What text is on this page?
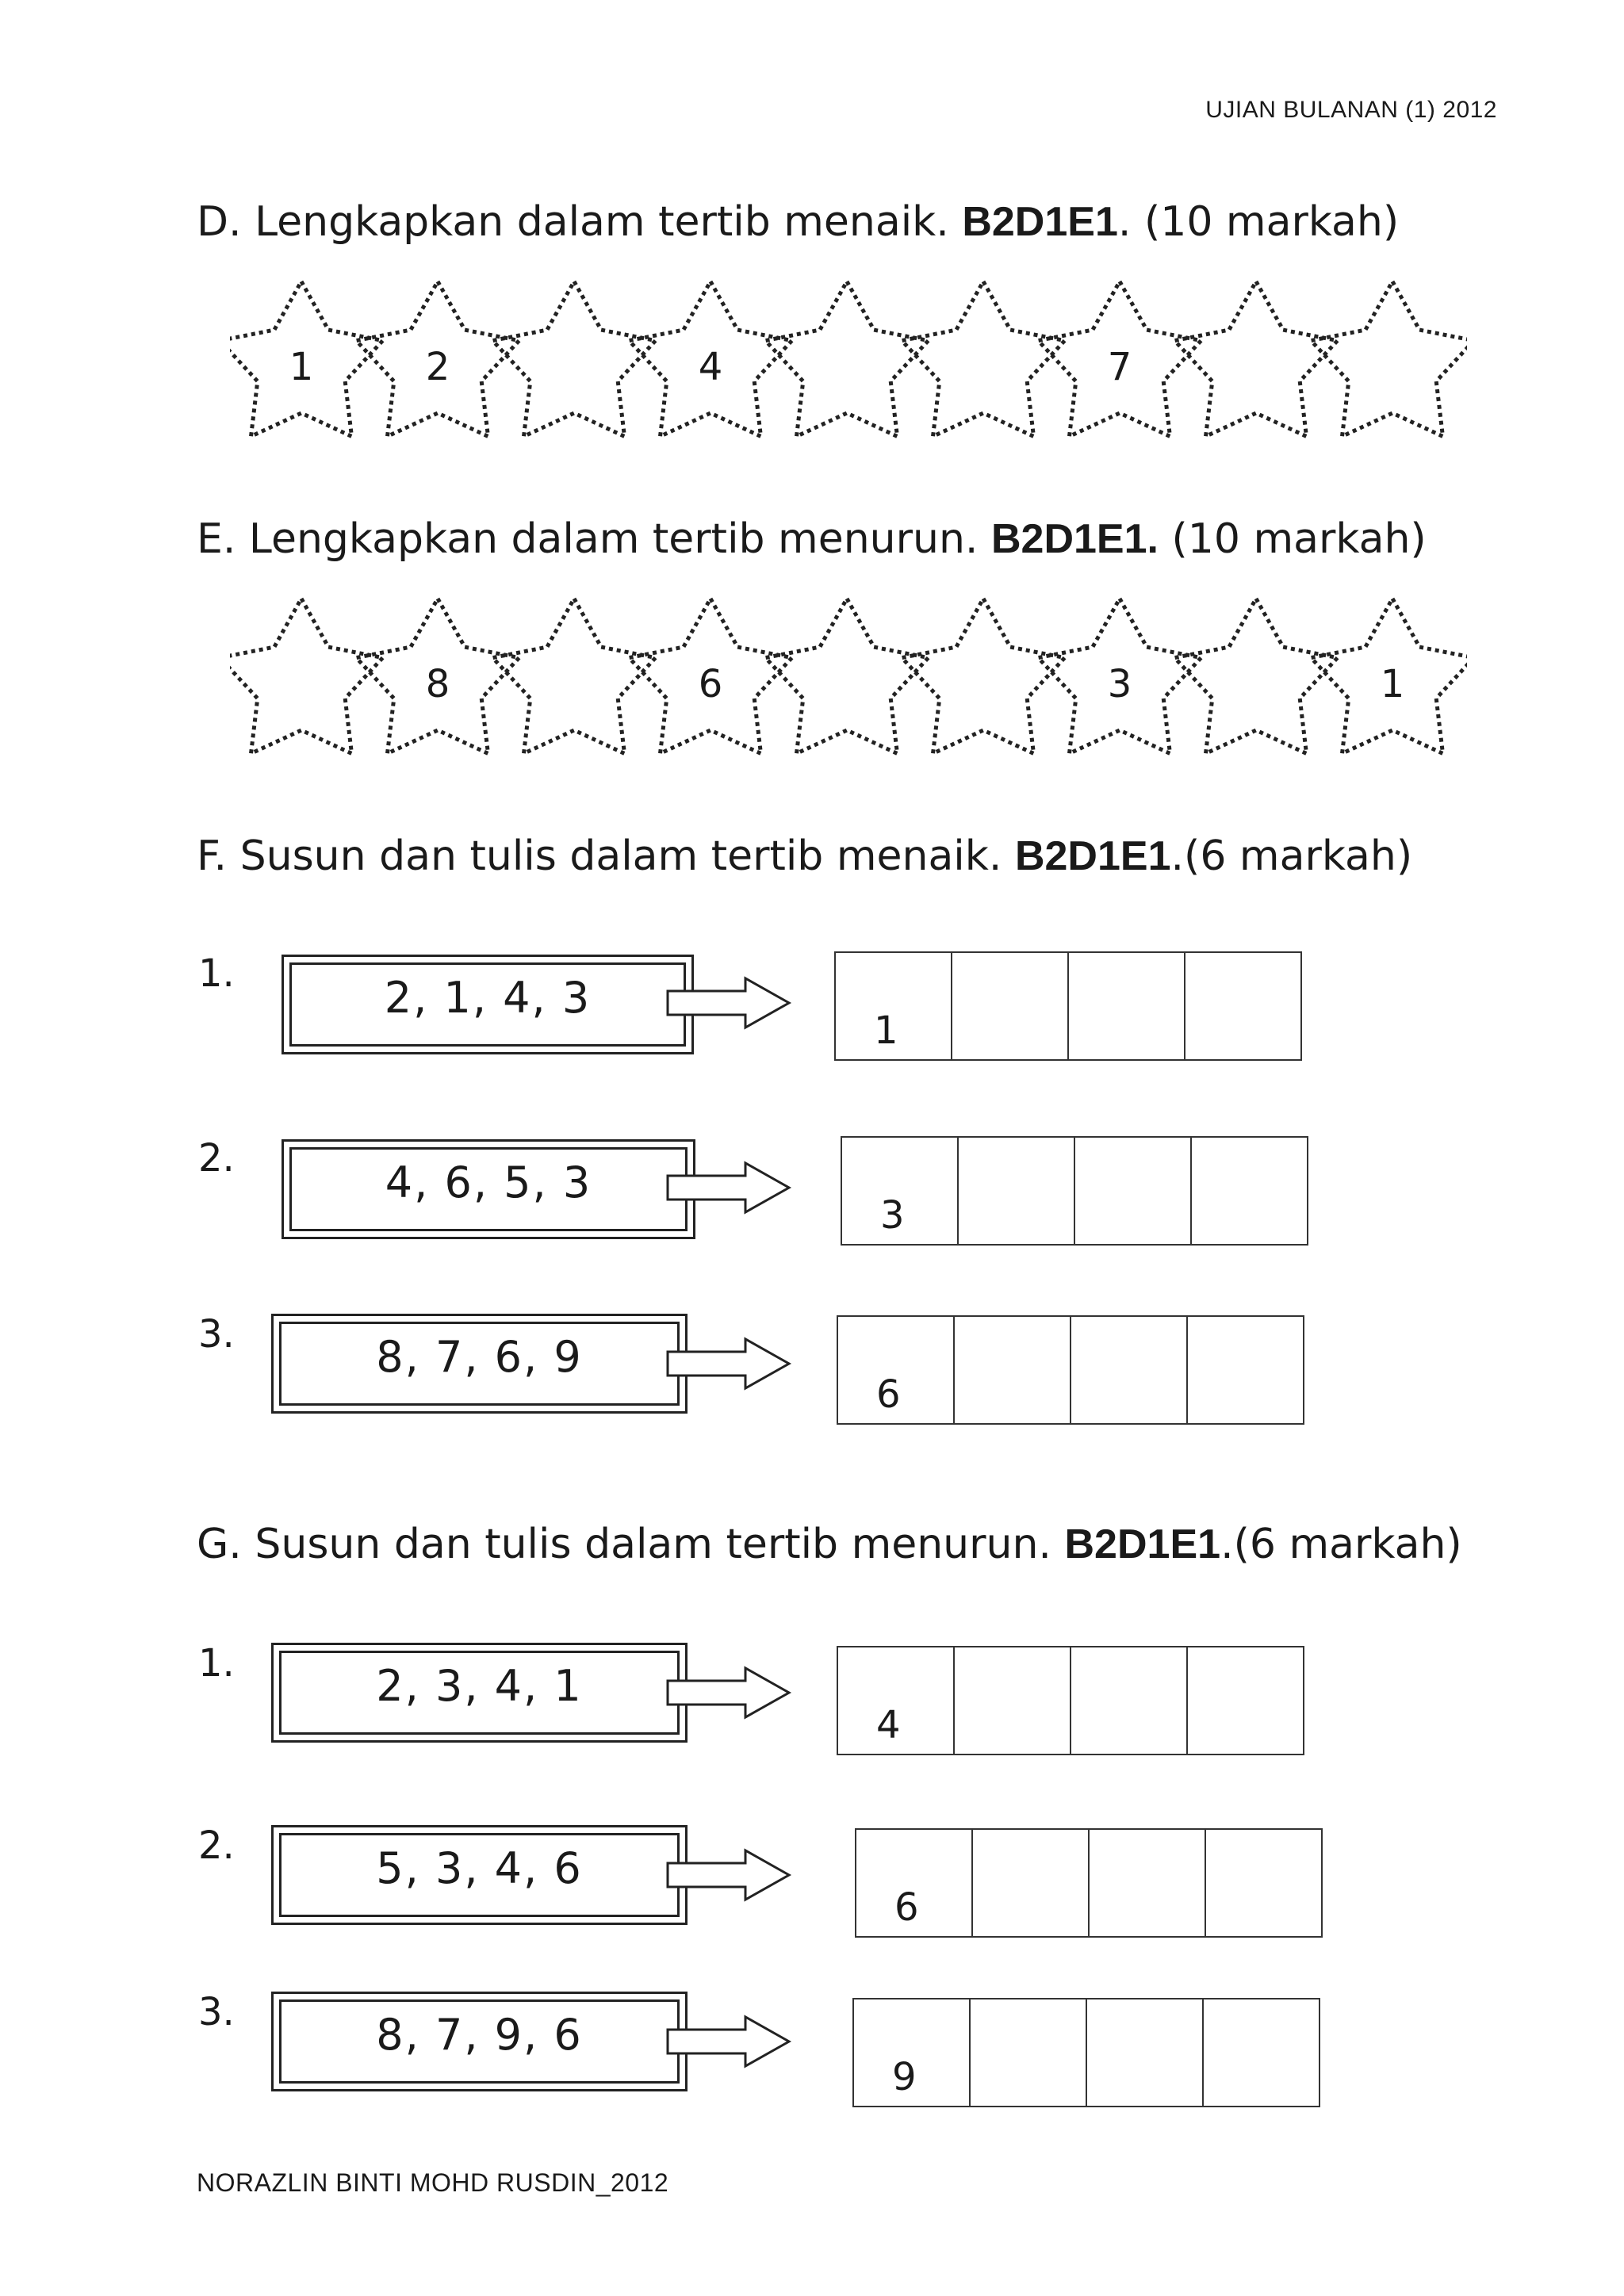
UJIAN BULANAN (1) 2012
D. Lengkapkan dalam tertib menaik. B2D1E1. (10 markah)
1	2	4	7
E. Lengkapkan dalam tertib menurun. B2D1E1. (10 markah)
8	6	3	1
F. Susun dan tulis dalam tertib menaik. B2D1E1.(6 markah)
1.	2, 1, 4, 3
1
2.	4, 6, 5, 3
3
3.	8, 7, 6, 9
6
G. Susun dan tulis dalam tertib menurun. B2D1E1.(6 markah)
1.	2, 3, 4, 1
4
2.	5, 3, 4, 6
6
3.	8, 7, 9, 6
9
NORAZLIN BINTI MOHD RUSDIN_2012
